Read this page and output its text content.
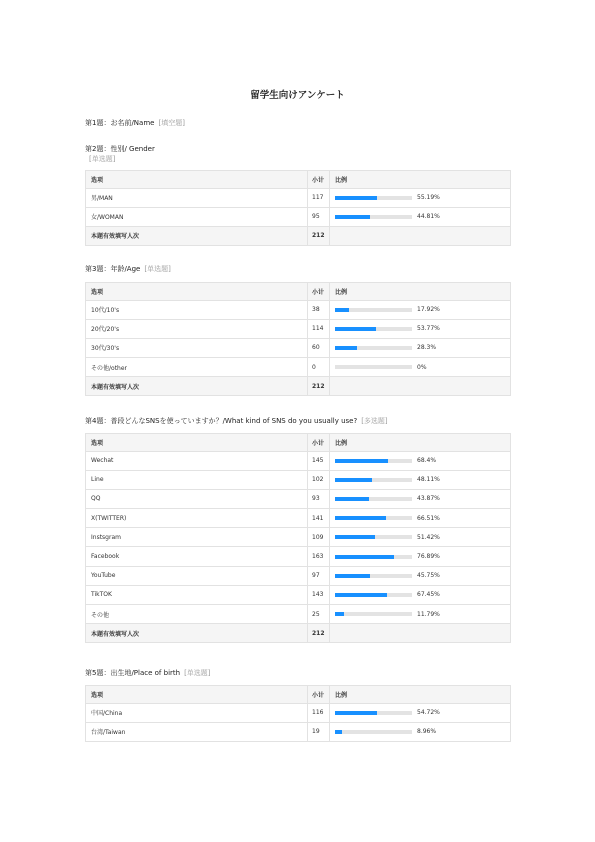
留学生向けアンケート
第1题：お名前/Name [填空题]
第2题：性别/ Gender
[单选题]
选项	小计	比例
男/MAN	117	55.19%
女/WOMAN	95	44.81%
本题有效填写人次	212	
第3题：年龄/Age [单选题]
选项	小计	比例
10代/10's	38	17.92%
20代/20's	114	53.77%
30代/30's	60	28.3%
その他/other	0	0%
本题有效填写人次	212	
第4题：普段どんなSNSを使っていますか？/What kind of SNS do you usually use? [多选题]
选项	小计	比例
Wechat	145	68.4%
Line	102	48.11%
QQ	93	43.87%
X(TWITTER)	141	66.51%
Instsgram	109	51.42%
Facebook	163	76.89%
YouTube	97	45.75%
TikTOK	143	67.45%
その他	25	11.79%
本题有效填写人次	212	
第5题：出生地/Place of birth [单选题]
选项	小计	比例
中国/China	116	54.72%
台湾/Taiwan	19	8.96%
